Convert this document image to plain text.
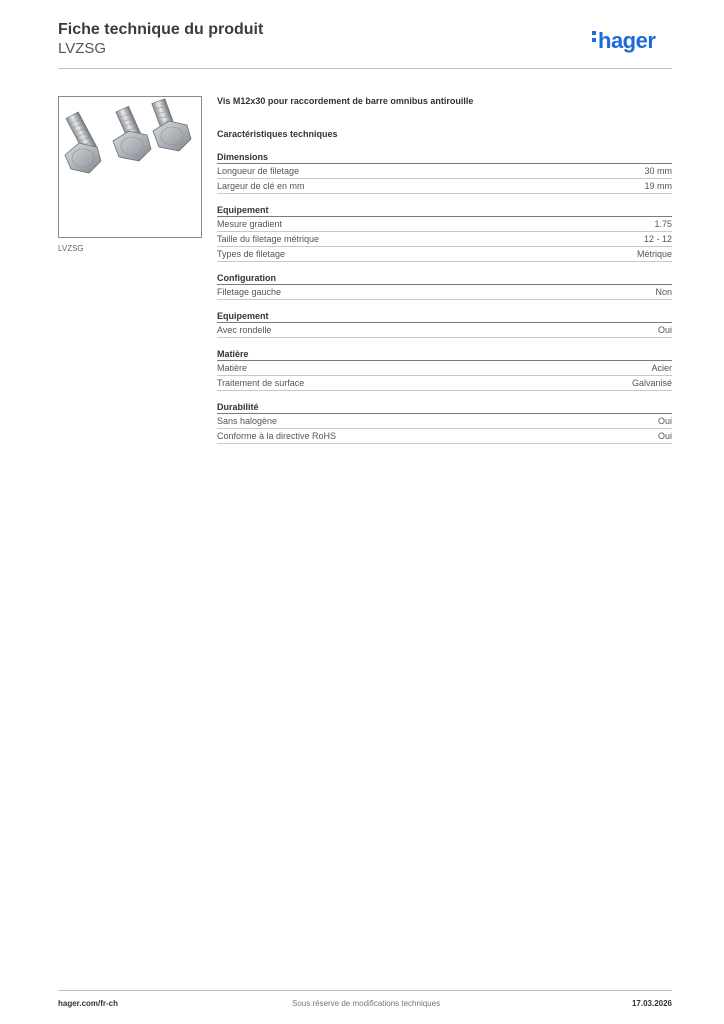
Fiche technique du produit
LVZSG	hager
LVZSG
Vis M12x30 pour raccordement de barre omnibus antirouille
Caractéristiques techniques
Dimensions
Longueur de filetage	30 mm
Largeur de clé en mm	19 mm
Equipement
Mesure gradient	1.75
Taille du filetage métrique	12 - 12
Types de filetage	Métrique
Configuration
Filetage gauche	Non
Equipement
Avec rondelle	Oui
Matière
Matière	Acier
Traitement de surface	Galvanisé
Durabilité
Sans halogène	Oui
Conforme à la directive RoHS	Oui
hager.com/fr-ch	Sous réserve de modifications techniques	17.03.2026
